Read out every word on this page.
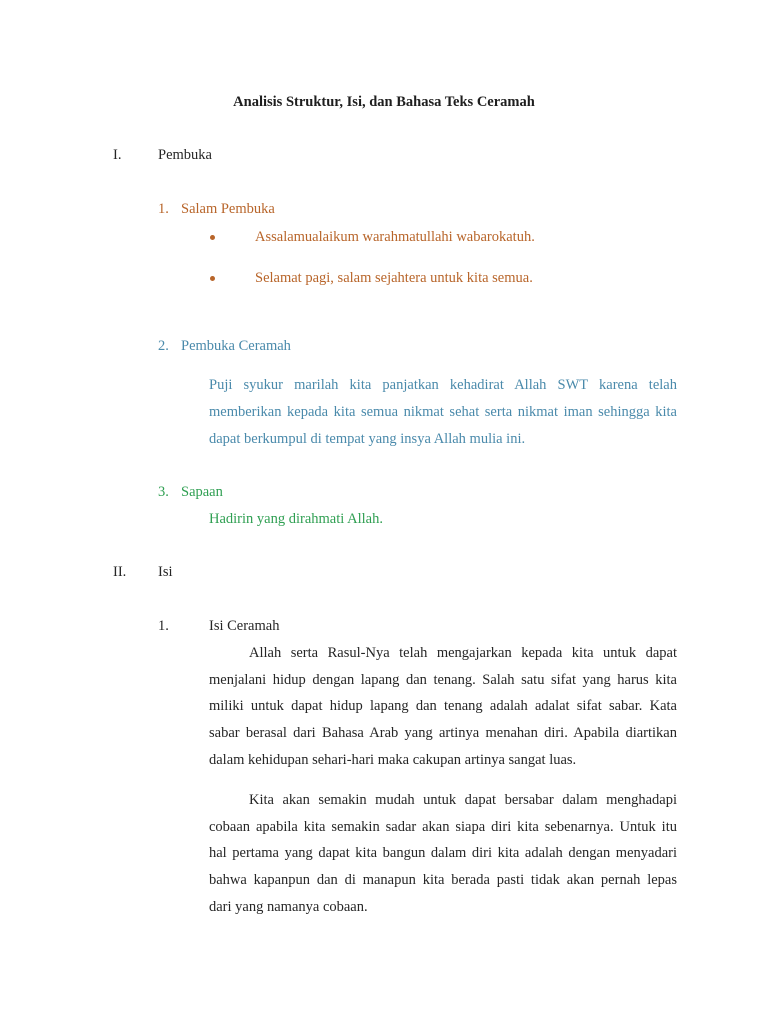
Analisis Struktur, Isi, dan Bahasa Teks Ceramah
I.	Pembuka
1. Salam Pembuka
Assalamualaikum warahmatullahi wabarokatuh.
Selamat pagi, salam sejahtera untuk kita semua.
2. Pembuka Ceramah
Puji syukur marilah kita panjatkan kehadirat Allah SWT karena telah
memberikan kepada kita semua nikmat sehat serta nikmat iman sehingga kita
dapat berkumpul di tempat yang insya Allah mulia ini.
3. Sapaan
Hadirin yang dirahmati Allah.
II. Isi
1.	Isi Ceramah
Allah serta Rasul-Nya telah mengajarkan kepada kita untuk dapat
menjalani hidup dengan lapang dan tenang. Salah satu sifat yang harus kita
miliki untuk dapat hidup lapang dan tenang adalah adalat sifat sabar. Kata
sabar berasal dari Bahasa Arab yang artinya menahan diri. Apabila diartikan
dalam kehidupan sehari-hari maka cakupan artinya sangat luas.
Kita akan semakin mudah untuk dapat bersabar dalam menghadapi
cobaan apabila kita semakin sadar akan siapa diri kita sebenarnya. Untuk itu
hal pertama yang dapat kita bangun dalam diri kita adalah dengan menyadari
bahwa kapanpun dan di manapun kita berada pasti tidak akan pernah lepas
dari yang namanya cobaan.
